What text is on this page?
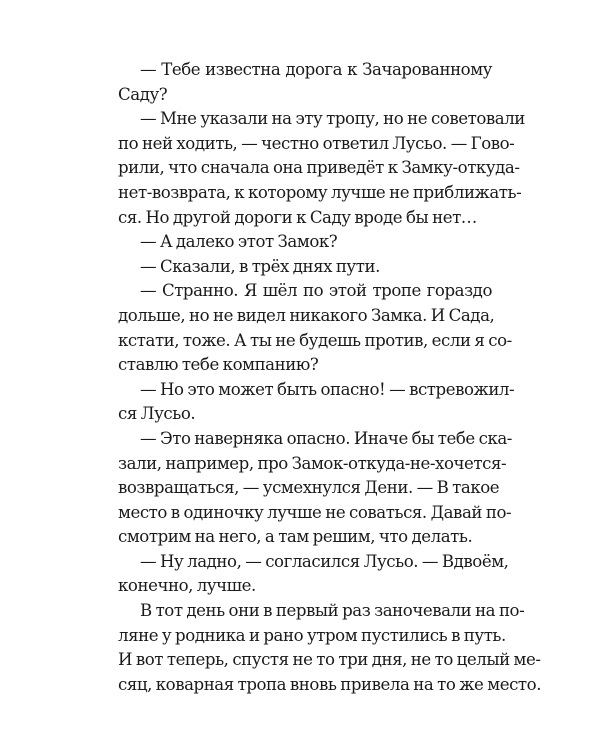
— Тебе известна дорога к Зачарованному
Саду?
— Мне указали на эту тропу, но не советовали
по ней ходить, — честно ответил Лусьо. — Гово-
рили, что сначала она приведёт к Замку-откуда-
нет-возврата, к которому лучше не приближать-
ся. Но другой дороги к Саду вроде бы нет…
— А далеко этот Замок?
— Сказали, в трёх днях пути.
— Странно. Я шёл по этой тропе гораздо
дольше, но не видел никакого Замка. И Сада,
кстати, тоже. А ты не будешь против, если я со-
ставлю тебе компанию?
— Но это может быть опасно! — встревожил-
ся Лусьо.
— Это наверняка опасно. Иначе бы тебе ска-
зали, например, про Замок-откуда-не-хочется-
возвращаться, — усмехнулся Дени. — В такое
место в одиночку лучше не соваться. Давай по-
смотрим на него, а там решим, что делать.
— Ну ладно, — согласился Лусьо. — Вдвоём,
конечно, лучше.
В тот день они в первый раз заночевали на по-
ляне у родника и рано утром пустились в путь.
И вот теперь, спустя не то три дня, не то целый ме-
сяц, коварная тропа вновь привела на то же место.
